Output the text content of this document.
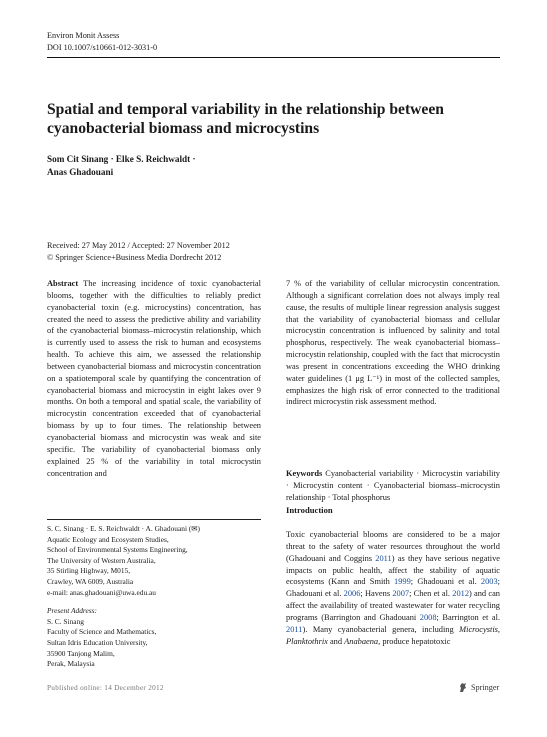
Environ Monit Assess
DOI 10.1007/s10661-012-3031-0
Spatial and temporal variability in the relationship between cyanobacterial biomass and microcystins
Som Cit Sinang · Elke S. Reichwaldt ·
Anas Ghadouani
Received: 27 May 2012 / Accepted: 27 November 2012
© Springer Science+Business Media Dordrecht 2012
Abstract The increasing incidence of toxic cyanobacterial blooms, together with the difficulties to reliably predict cyanobacterial toxin (e.g. microcystins) concentration, has created the need to assess the predictive ability and variability of the cyanobacterial biomass–microcystin relationship, which is currently used to assess the risk to human and ecosystems health. To achieve this aim, we assessed the relationship between cyanobacterial biomass and microcystin concentration on a spatiotemporal scale by quantifying the concentration of cyanobacterial biomass and microcystin in eight lakes over 9 months. On both a temporal and spatial scale, the variability of microcystin concentration exceeded that of cyanobacterial biomass by up to four times. The relationship between cyanobacterial biomass and microcystin was weak and site specific. The variability of cyanobacterial biomass only explained 25 % of the variability in total microcystin concentration and
7 % of the variability of cellular microcystin concentration. Although a significant correlation does not always imply real cause, the results of multiple linear regression analysis suggest that the variability of cyanobacterial biomass and cellular microcystin concentration is influenced by salinity and total phosphorus, respectively. The weak cyanobacterial biomass–microcystin relationship, coupled with the fact that microcystin was present in concentrations exceeding the WHO drinking water guidelines (1 μg L⁻¹) in most of the collected samples, emphasizes the high risk of error connected to the traditional indirect microcystin risk assessment method.
Keywords Cyanobacterial variability · Microcystin variability · Microcystin content · Cyanobacterial biomass–microcystin relationship · Total phosphorus
Introduction
Toxic cyanobacterial blooms are considered to be a major threat to the safety of water resources throughout the world (Ghadouani and Coggins 2011) as they have serious negative impacts on public health, affect the stability of aquatic ecosystems (Kann and Smith 1999; Ghadouani et al. 2003; Ghadouani et al. 2006; Havens 2007; Chen et al. 2012) and can affect the availability of treated wastewater for water recycling programs (Barrington and Ghadouani 2008; Barrington et al. 2011). Many cyanobacterial genera, including Microcystis, Planktothrix and Anabaena, produce hepatotoxic
S. C. Sinang · E. S. Reichwaldt · A. Ghadouani (✉)
Aquatic Ecology and Ecosystem Studies,
School of Environmental Systems Engineering,
The University of Western Australia,
35 Stirling Highway, M015,
Crawley, WA 6009, Australia
e-mail: anas.ghadouani@uwa.edu.au
Present Address:
S. C. Sinang
Faculty of Science and Mathematics,
Sultan Idris Education University,
35900 Tanjong Malim,
Perak, Malaysia
Published online: 14 December 2012	Springer
